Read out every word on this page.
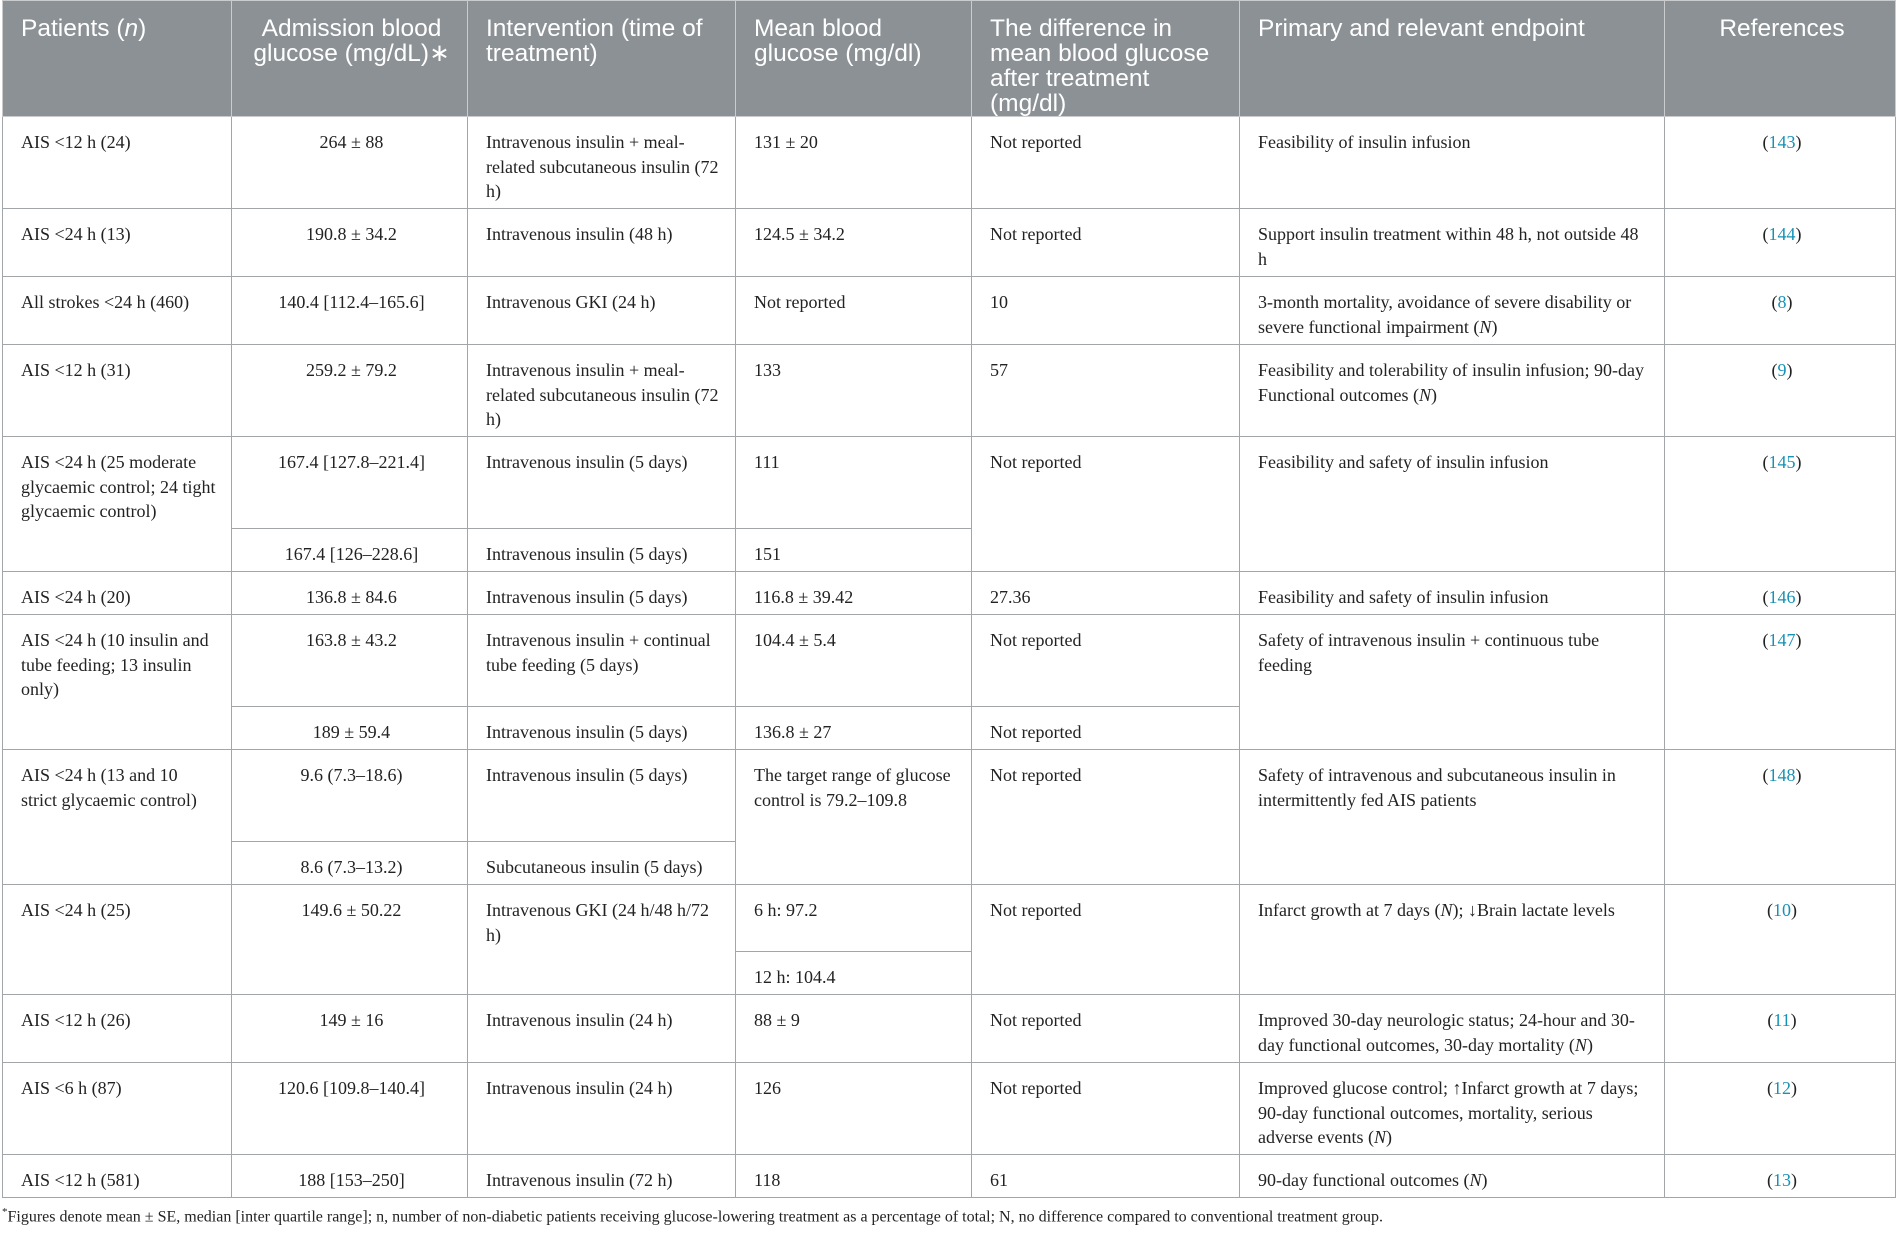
Patients (n)	Admission blood glucose (mg/dL)∗	Intervention (time of treatment)	Mean blood glucose (mg/dl)	The difference in mean blood glucose after treatment (mg/dl)	Primary and relevant endpoint	References
AIS <12 h (24)	264 ± 88	Intravenous insulin + meal-related subcutaneous insulin (72 h)	131 ± 20	Not reported	Feasibility of insulin infusion	(143)
AIS <24 h (13)	190.8 ± 34.2	Intravenous insulin (48 h)	124.5 ± 34.2	Not reported	Support insulin treatment within 48 h, not outside 48 h	(144)
All strokes <24 h (460)	140.4 [112.4–165.6]	Intravenous GKI (24 h)	Not reported	10	3-month mortality, avoidance of severe disability or severe functional impairment (N)	(8)
AIS <12 h (31)	259.2 ± 79.2	Intravenous insulin + meal-related subcutaneous insulin (72 h)	133	57	Feasibility and tolerability of insulin infusion; 90-day Functional outcomes (N)	(9)
AIS <24 h (25 moderate glycaemic control; 24 tight glycaemic control)	167.4 [127.8–221.4]	Intravenous insulin (5 days)	111	Not reported	Feasibility and safety of insulin infusion	(145)
	167.4 [126–228.6]	Intravenous insulin (5 days)	151			
AIS <24 h (20)	136.8 ± 84.6	Intravenous insulin (5 days)	116.8 ± 39.42	27.36	Feasibility and safety of insulin infusion	(146)
AIS <24 h (10 insulin and tube feeding; 13 insulin only)	163.8 ± 43.2	Intravenous insulin + continual tube feeding (5 days)	104.4 ± 5.4	Not reported	Safety of intravenous insulin + continuous tube feeding	(147)
	189 ± 59.4	Intravenous insulin (5 days)	136.8 ± 27	Not reported		
AIS <24 h (13 and 10 strict glycaemic control)	9.6 (7.3–18.6)	Intravenous insulin (5 days)	The target range of glucose control is 79.2–109.8	Not reported	Safety of intravenous and subcutaneous insulin in intermittently fed AIS patients	(148)
	8.6 (7.3–13.2)	Subcutaneous insulin (5 days)				
AIS <24 h (25)	149.6 ± 50.22	Intravenous GKI (24 h/48 h/72 h)	6 h: 97.2	Not reported	Infarct growth at 7 days (N); ↓Brain lactate levels	(10)
			12 h: 104.4			
AIS <12 h (26)	149 ± 16	Intravenous insulin (24 h)	88 ± 9	Not reported	Improved 30-day neurologic status; 24-hour and 30-day functional outcomes, 30-day mortality (N)	(11)
AIS <6 h (87)	120.6 [109.8–140.4]	Intravenous insulin (24 h)	126	Not reported	Improved glucose control; ↑Infarct growth at 7 days; 90-day functional outcomes, mortality, serious adverse events (N)	(12)
AIS <12 h (581)	188 [153–250]	Intravenous insulin (72 h)	118	61	90-day functional outcomes (N)	(13)
*Figures denote mean ± SE, median [inter quartile range]; n, number of non-diabetic patients receiving glucose-lowering treatment as a percentage of total; N, no difference compared to conventional treatment group.
